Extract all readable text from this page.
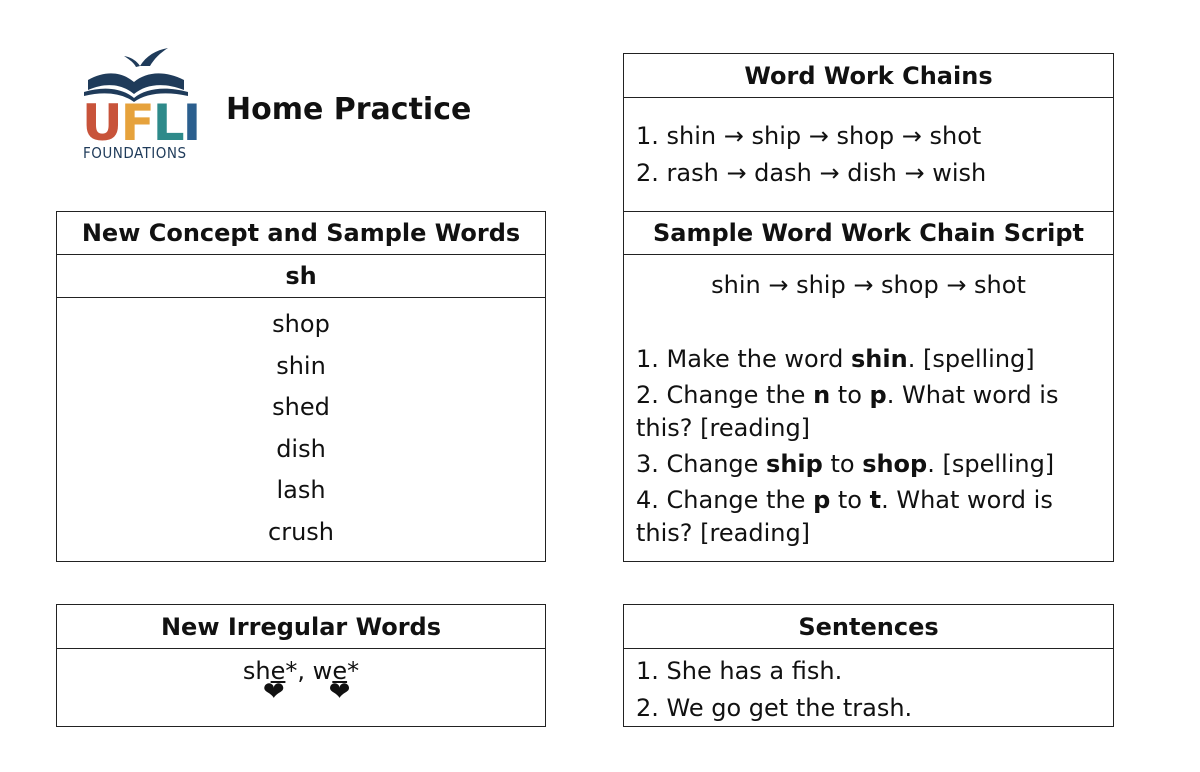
UFLI
FOUNDATIONS
Home Practice
New Concept and Sample Words
sh
shop
shin
shed
dish
lash
crush
New Irregular Words
she*
❤
, we*
❤
Word Work Chains
1. shin → ship → shop → shot
2. rash → dash → dish → wish
Sample Word Work Chain Script
shin → ship → shop → shot
1. Make the word shin. [spelling]
2. Change the n to p. What word is
this? [reading]
3. Change ship to shop. [spelling]
4. Change the p to t. What word is
this? [reading]
Sentences
1. She has a fish.
2. We go get the trash.
